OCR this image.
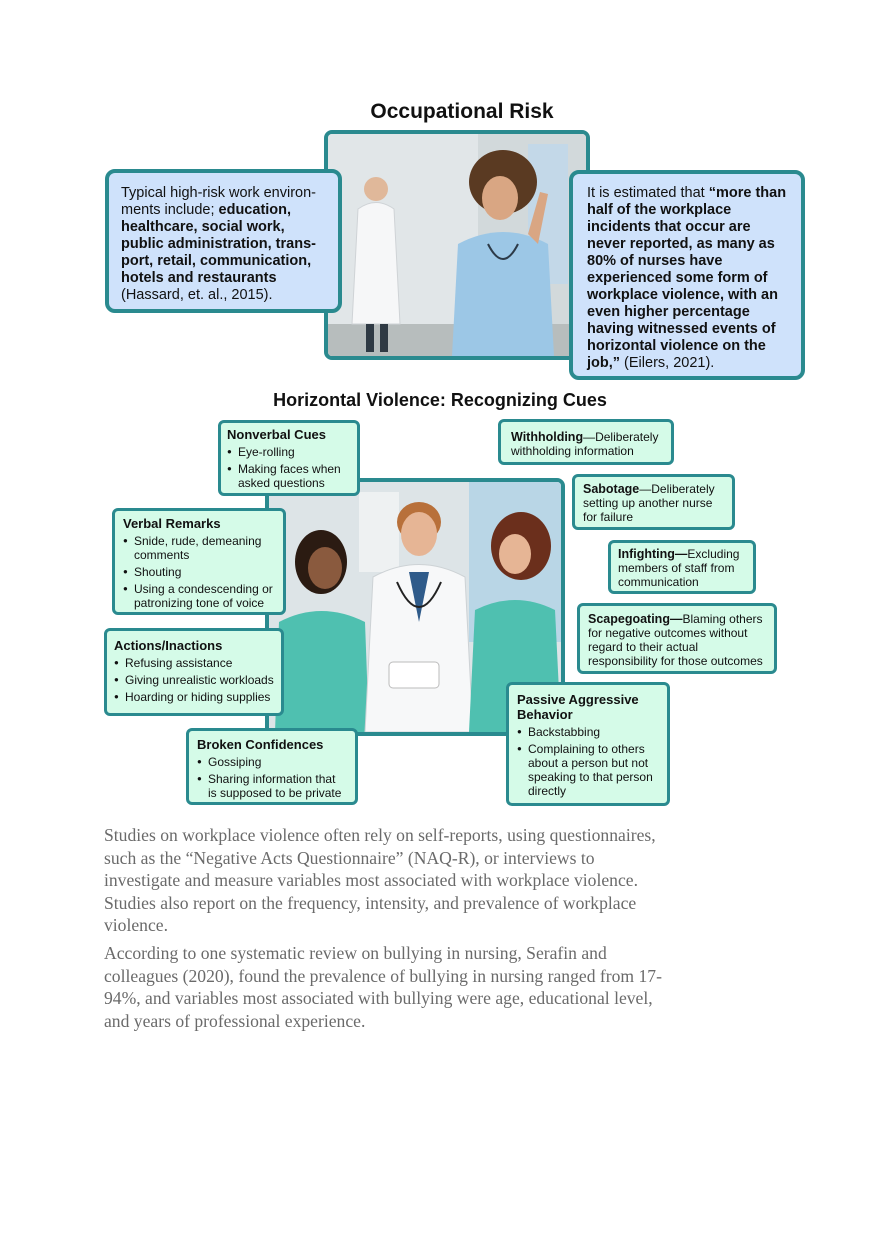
Occupational Risk
Typical high-risk work environ-ments include; education, healthcare, social work, public administration, trans-port, retail, communication, hotels and restaurants
(Hassard, et. al., 2015).
It is estimated that “more than half of the workplace incidents that occur are never reported, as many as 80% of nurses have experienced some form of workplace violence, with an even higher percentage having witnessed events of horizontal violence on the job,” (Eilers, 2021).
Horizontal Violence: Recognizing Cues
Nonverbal Cues
● Eye-rolling
● Making faces when asked questions
Withholding—Deliberately withholding information
Sabotage—Deliberately setting up another nurse for failure
Verbal Remarks
● Snide, rude, demeaning comments
● Shouting
● Using a condescending or patronizing tone of voice
Infighting—Excluding members of staff from communication
Scapegoating—Blaming others for negative outcomes without regard to their actual responsibility for those outcomes
Actions/Inactions
● Refusing assistance
● Giving unrealistic workloads
● Hoarding or hiding supplies	Passive Aggressive Behavior
● Backstabbing
● Complaining to others about a person but not speaking to that person directly
Broken Confidences
● Gossiping
● Sharing information that is supposed to be private

Studies on workplace violence often rely on self-reports, using questionnaires, such as the “Negative Acts Questionnaire” (NAQ-R), or interviews to investigate and measure variables most associated with workplace violence. Studies also report on the frequency, intensity, and prevalence of workplace violence.

According to one systematic review on bullying in nursing, Serafin and colleagues (2020), found the prevalence of bullying in nursing ranged from 17-94%, and variables most associated with bullying were age, educational level, and years of professional experience.
